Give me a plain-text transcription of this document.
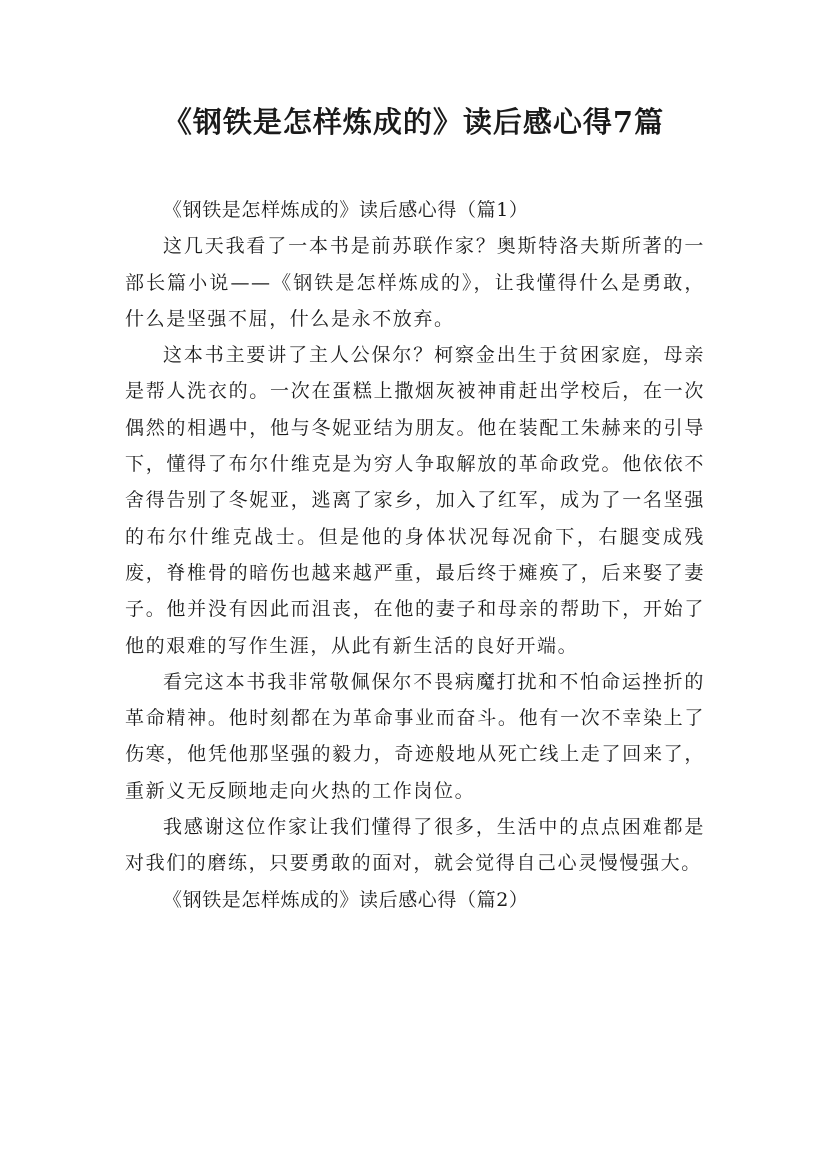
《钢铁是怎样炼成的》读后感心得7篇

《钢铁是怎样炼成的》读后感心得（篇1）

这几天我看了一本书是前苏联作家？奥斯特洛夫斯所著的一部长篇小说——《钢铁是怎样炼成的》，让我懂得什么是勇敢，什么是坚强不屈，什么是永不放弃。

这本书主要讲了主人公保尔？柯察金出生于贫困家庭，母亲是帮人洗衣的。一次在蛋糕上撒烟灰被神甫赶出学校后，在一次偶然的相遇中，他与冬妮亚结为朋友。他在装配工朱赫来的引导下，懂得了布尔什维克是为穷人争取解放的革命政党。他依依不舍得告别了冬妮亚，逃离了家乡，加入了红军，成为了一名坚强的布尔什维克战士。但是他的身体状况每况俞下，右腿变成残废，脊椎骨的暗伤也越来越严重，最后终于瘫痪了，后来娶了妻子。他并没有因此而沮丧，在他的妻子和母亲的帮助下，开始了他的艰难的写作生涯，从此有新生活的良好开端。

看完这本书我非常敬佩保尔不畏病魔打扰和不怕命运挫折的革命精神。他时刻都在为革命事业而奋斗。他有一次不幸染上了伤寒，他凭他那坚强的毅力，奇迹般地从死亡线上走了回来了，重新义无反顾地走向火热的工作岗位。

我感谢这位作家让我们懂得了很多，生活中的点点困难都是对我们的磨练，只要勇敢的面对，就会觉得自己心灵慢慢强大。

《钢铁是怎样炼成的》读后感心得（篇2）
